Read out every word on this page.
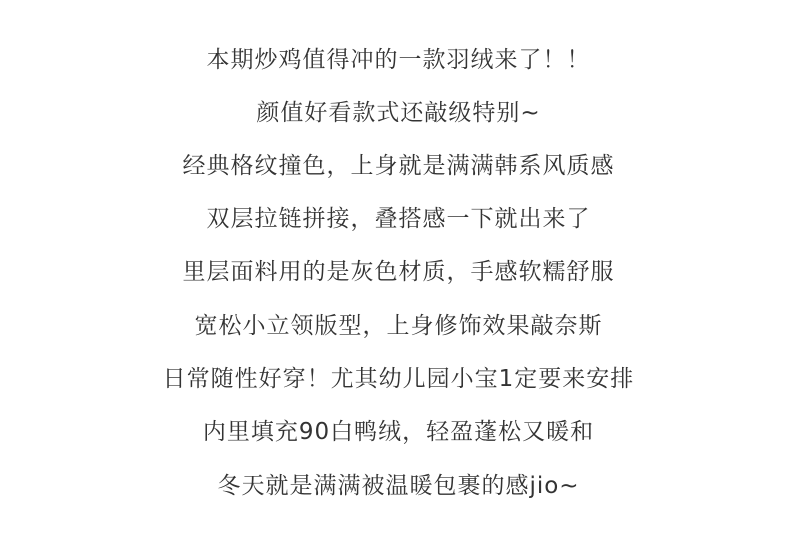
本期炒鸡值得冲的一款羽绒来了！！
颜值好看款式还敲级特别~
经典格纹撞色，上身就是满满韩系风质感
双层拉链拼接，叠搭感一下就出来了
里层面料用的是灰色材质，手感软糯舒服
宽松小立领版型，上身修饰效果敲奈斯
日常随性好穿！尤其幼儿园小宝1定要来安排
内里填充90白鸭绒，轻盈蓬松又暖和
冬天就是满满被温暖包裹的感jio~
